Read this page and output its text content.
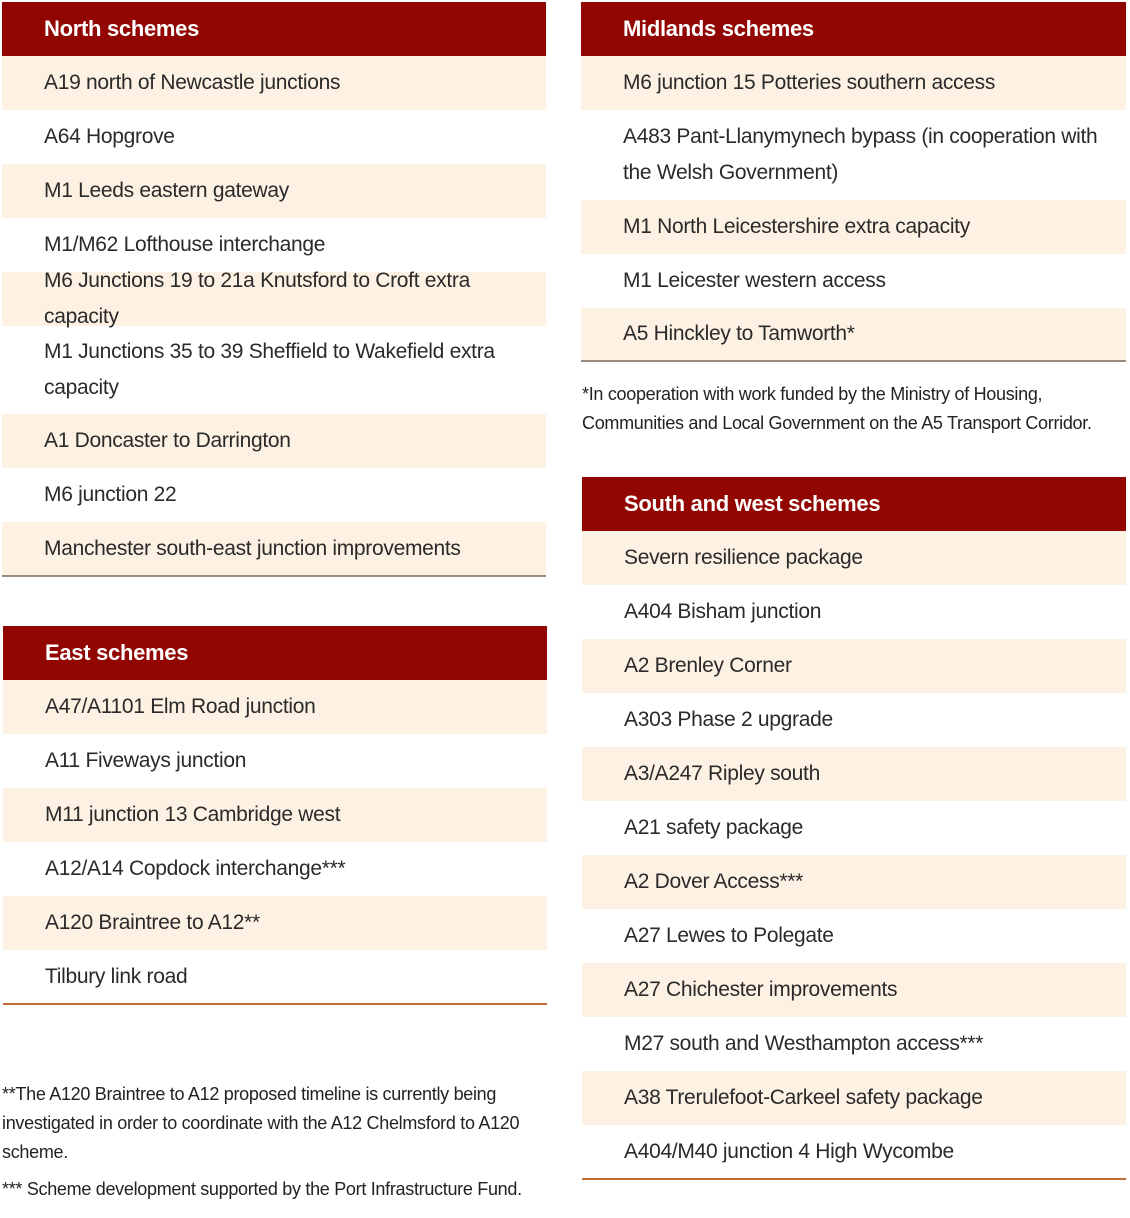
North schemes
A19 north of Newcastle junctions
A64 Hopgrove
M1 Leeds eastern gateway
M1/M62 Lofthouse interchange
M6 Junctions 19 to 21a Knutsford to Croft extra capacity
M1 Junctions 35 to 39 Sheffield to Wakefield extra capacity
A1 Doncaster to Darrington
M6 junction 22
Manchester south-east junction improvements
East schemes
A47/A1101 Elm Road junction
A11 Fiveways junction
M11 junction 13 Cambridge west
A12/A14 Copdock interchange***
A120 Braintree to A12**
Tilbury link road
Midlands schemes
M6 junction 15 Potteries southern access
A483 Pant-Llanymynech bypass (in cooperation with the Welsh Government)
M1 North Leicestershire extra capacity
M1 Leicester western access
A5 Hinckley to Tamworth*
*In cooperation with work funded by the Ministry of Housing, Communities and Local Government on the A5 Transport Corridor.
South and west schemes
Severn resilience package
A404 Bisham junction
A2 Brenley Corner
A303 Phase 2 upgrade
A3/A247 Ripley south
A21 safety package
A2 Dover Access***
A27 Lewes to Polegate
A27 Chichester improvements
M27 south and Westhampton access***
A38 Trerulefoot-Carkeel safety package
A404/M40 junction 4 High Wycombe
**The A120 Braintree to A12 proposed timeline is currently being investigated in order to coordinate with the A12 Chelmsford to A120 scheme.
*** Scheme development supported by the Port Infrastructure Fund.
